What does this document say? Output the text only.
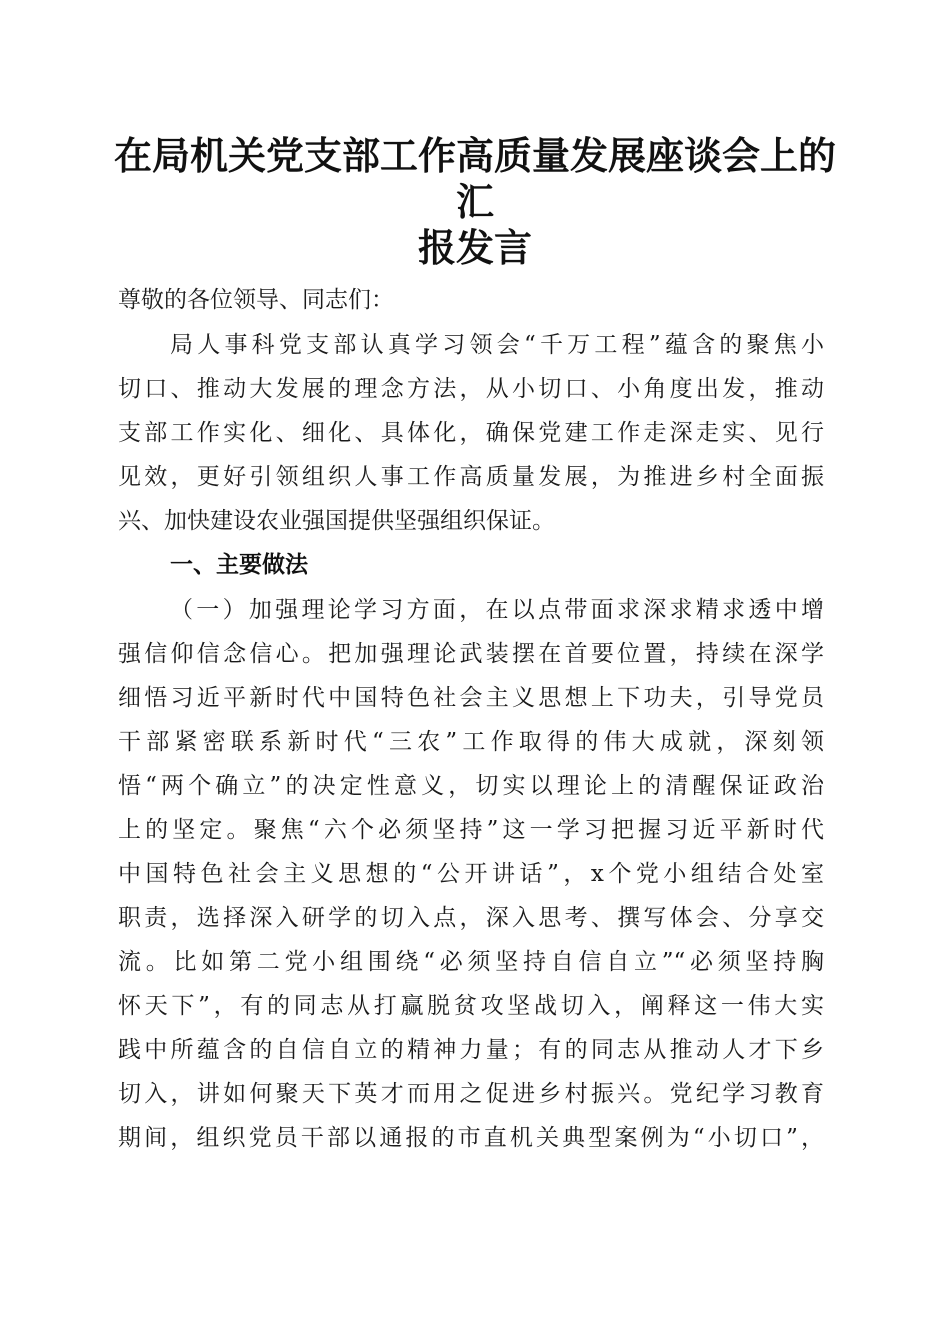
在局机关党支部工作高质量发展座谈会上的汇
报发言

尊敬的各位领导、同志们：

局人事科党支部认真学习领会“千万工程”蕴含的聚焦小

切口、推动大发展的理念方法，从小切口、小角度出发，推动

支部工作实化、细化、具体化，确保党建工作走深走实、见行

见效，更好引领组织人事工作高质量发展，为推进乡村全面振

兴、加快建设农业强国提供坚强组织保证。

一、主要做法

（一）加强理论学习方面，在以点带面求深求精求透中增

强信仰信念信心。把加强理论武装摆在首要位置，持续在深学

细悟习近平新时代中国特色社会主义思想上下功夫，引导党员

干部紧密联系新时代“三农”工作取得的伟大成就，深刻领

悟“两个确立”的决定性意义，切实以理论上的清醒保证政治

上的坚定。聚焦“六个必须坚持”这一学习把握习近平新时代

中国特色社会主义思想的“公开讲话”，x个党小组结合处室

职责，选择深入研学的切入点，深入思考、撰写体会、分享交

流。比如第二党小组围绕“必须坚持自信自立”“必须坚持胸

怀天下”，有的同志从打赢脱贫攻坚战切入，阐释这一伟大实

践中所蕴含的自信自立的精神力量；有的同志从推动人才下乡

切入，讲如何聚天下英才而用之促进乡村振兴。党纪学习教育

期间，组织党员干部以通报的市直机关典型案例为“小切口”，
